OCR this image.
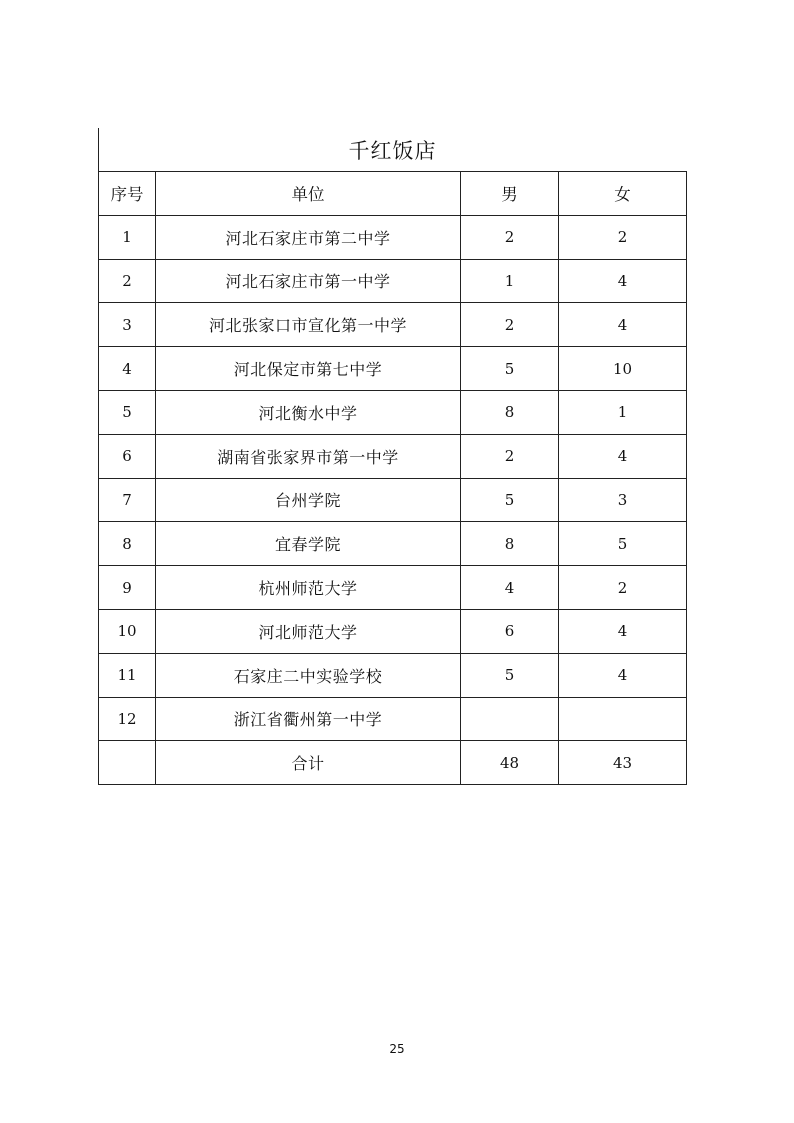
千红饭店
序号	单位	男	女
1	河北石家庄市第二中学	2	2
2	河北石家庄市第一中学	1	4
3	河北张家口市宣化第一中学	2	4
4	河北保定市第七中学	5	10
5	河北衡水中学	8	1
6	湖南省张家界市第一中学	2	4
7	台州学院	5	3
8	宜春学院	8	5
9	杭州师范大学	4	2
10	河北师范大学	6	4
11	石家庄二中实验学校	5	4
12	浙江省衢州第一中学		
	合计	48	43
25
